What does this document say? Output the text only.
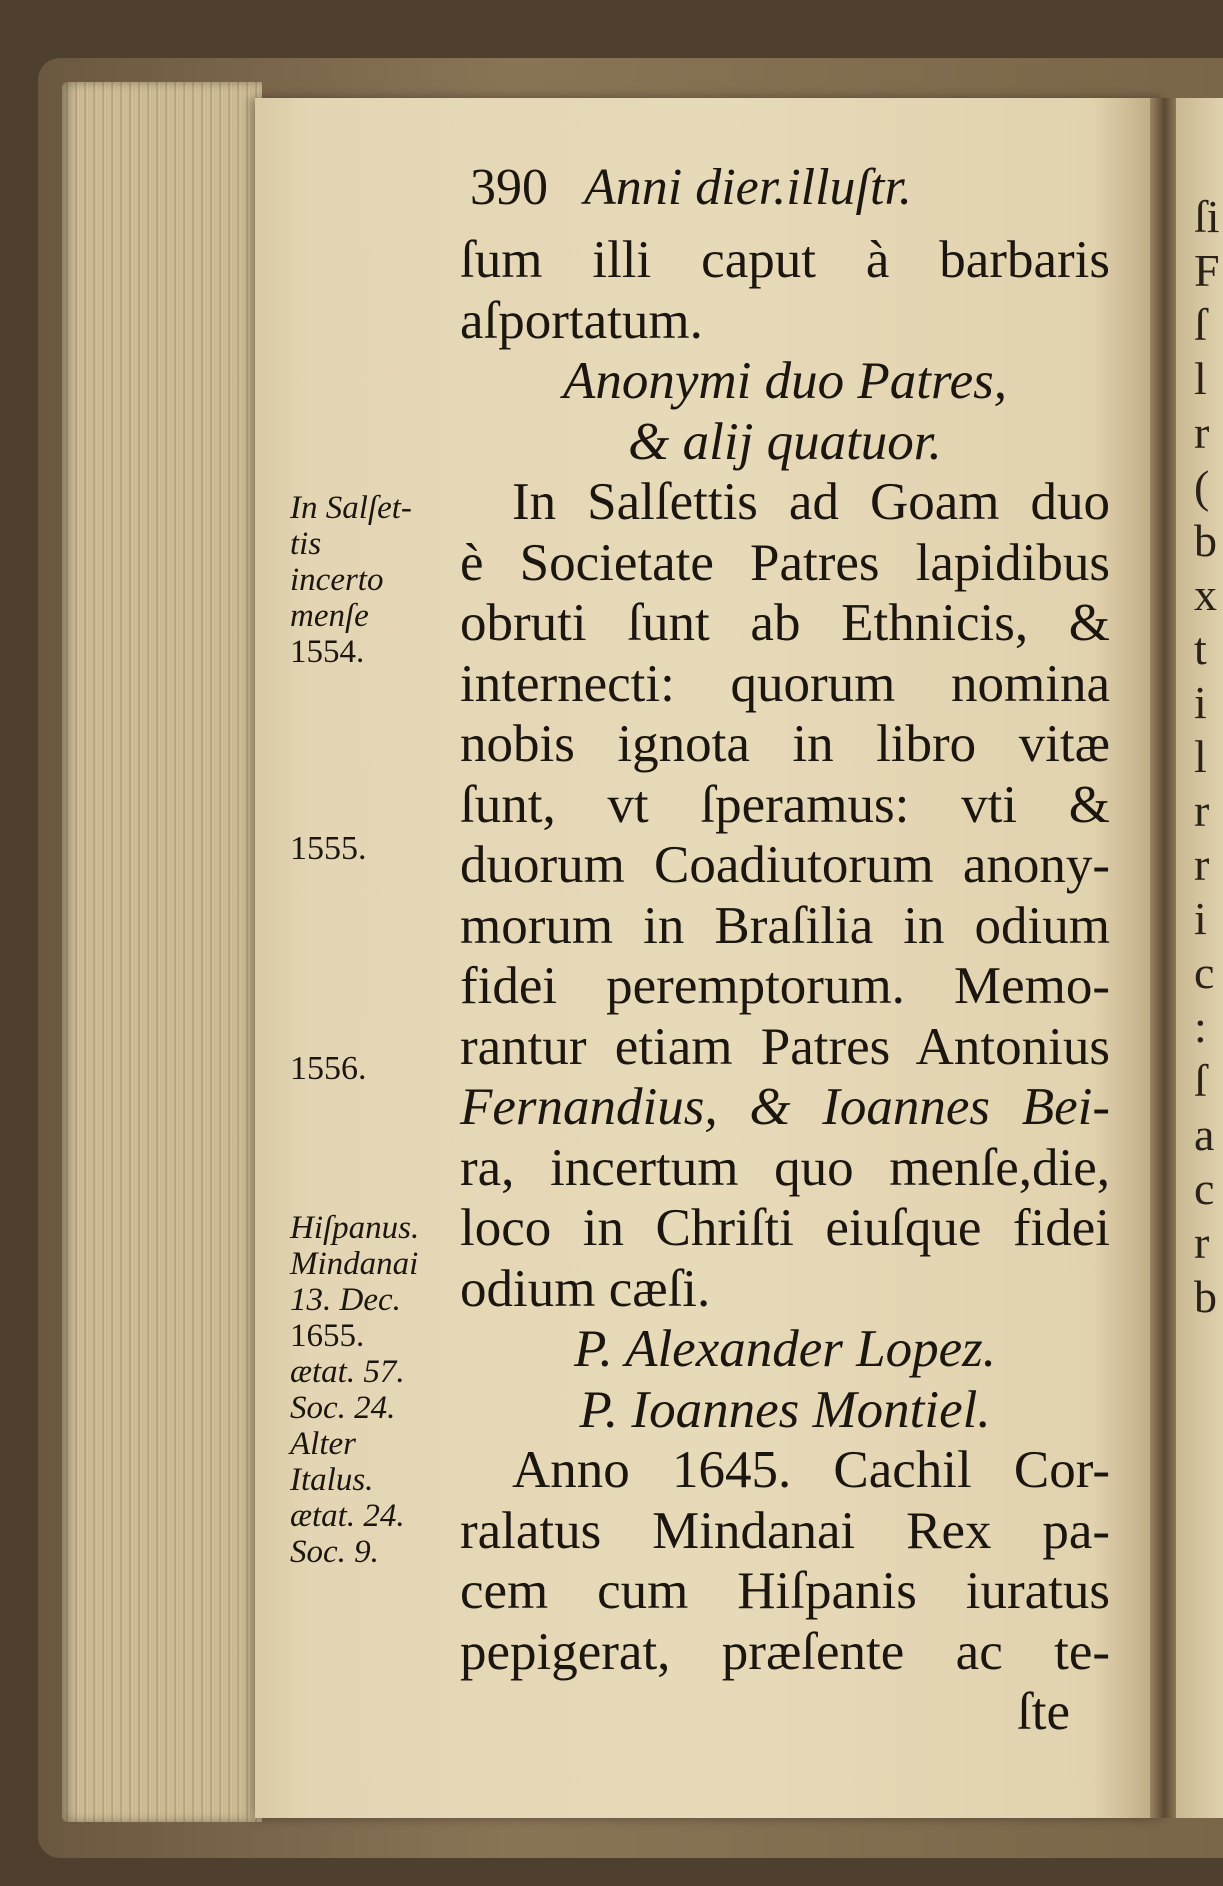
ſi
F
ſ
l
r
(
b
x
t
i
l
r
r
i
c
:
ſ
a
c
r
b
390 Anni dier.illuſtr.
ſum illi caput à barbaris
aſportatum.
Anonymi duo Patres,
& alij quatuor.
In Salſettis ad Goam duo
è Societate Patres lapidibus
obruti ſunt ab Ethnicis, &
internecti: quorum nomina
nobis ignota in libro vitæ
ſunt, vt ſperamus: vti &
duorum Coadiutorum anony-
morum in Braſilia in odium
fidei peremptorum. Memo-
rantur etiam Patres Antonius
Fernandius, & Ioannes Bei-
ra, incertum quo menſe,die,
loco in Chriſti eiuſque fidei
odium cæſi.
P. Alexander Lopez.
P. Ioannes Montiel.
Anno 1645. Cachil Cor-
ralatus Mindanai Rex pa-
cem cum Hiſpanis iuratus
pepigerat, præſente ac te-
ſte
In Salſet-
tis
incerto
menſe
1554.
1555.
1556.
Hiſpanus.
Mindanai
13. Dec.
1655.
ætat. 57.
Soc. 24.
Alter
Italus.
ætat. 24.
Soc. 9.
